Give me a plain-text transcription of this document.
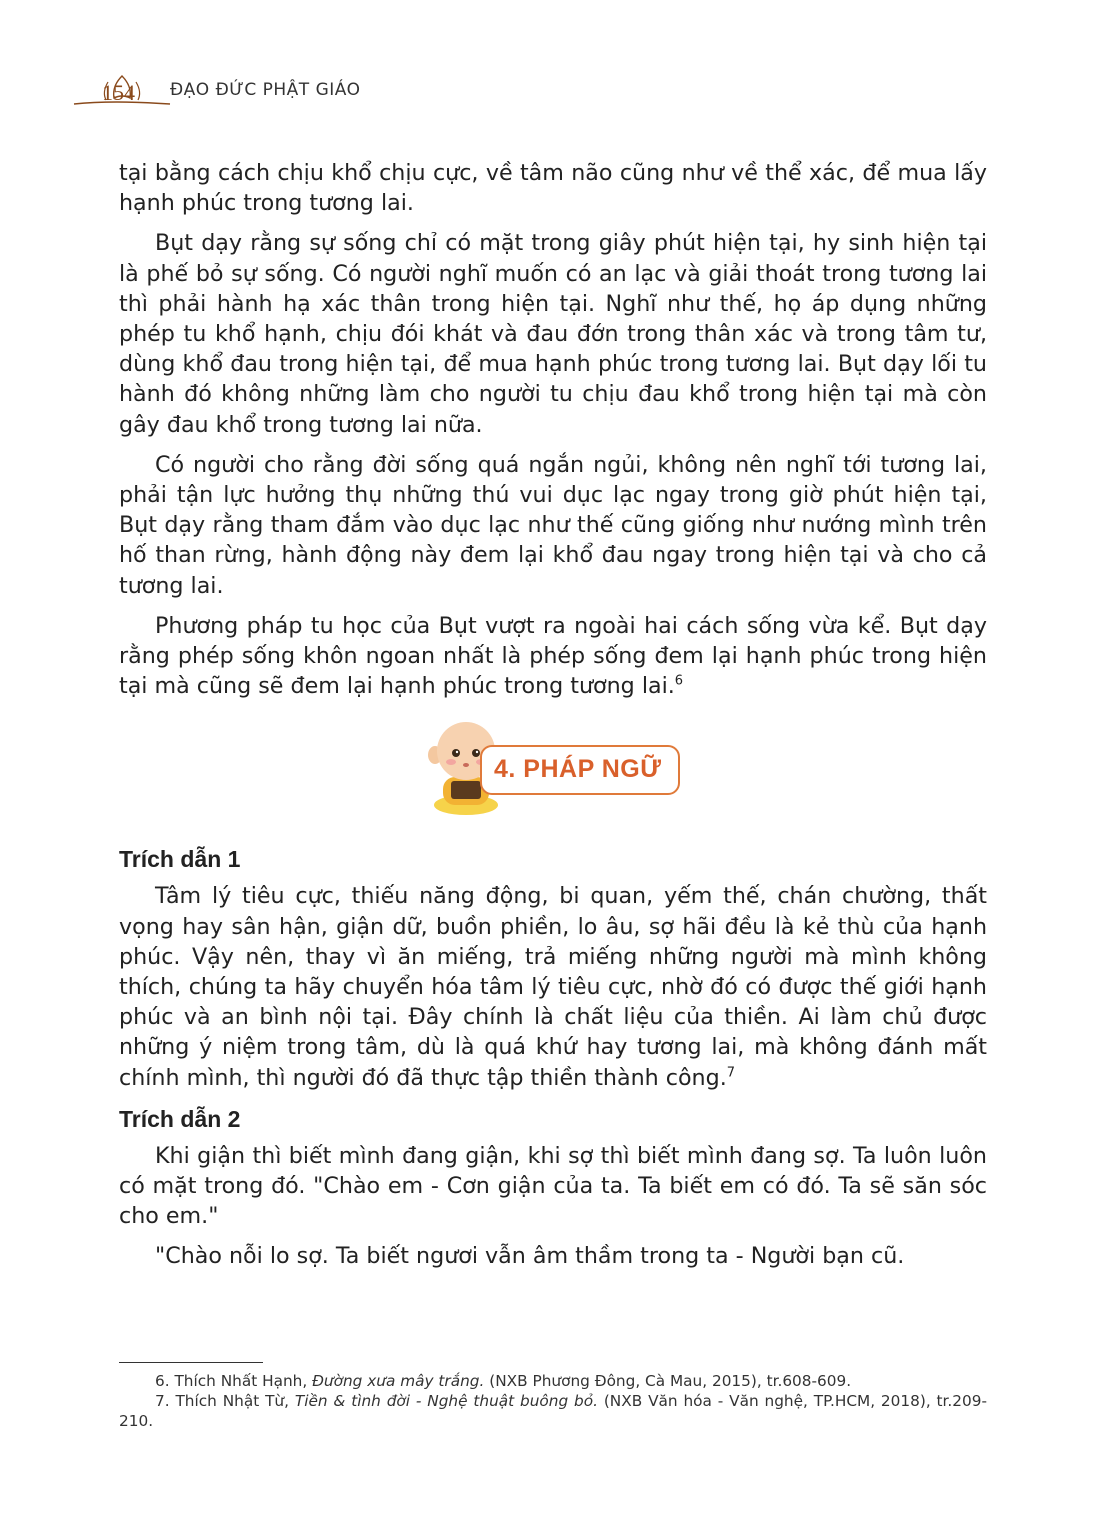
154 ĐẠO ĐỨC PHẬT GIÁO

tại bằng cách chịu khổ chịu cực, về tâm não cũng như về thể xác, để mua lấy hạnh phúc trong tương lai.

Bụt dạy rằng sự sống chỉ có mặt trong giây phút hiện tại, hy sinh hiện tại là phế bỏ sự sống. Có người nghĩ muốn có an lạc và giải thoát trong tương lai thì phải hành hạ xác thân trong hiện tại. Nghĩ như thế, họ áp dụng những phép tu khổ hạnh, chịu đói khát và đau đớn trong thân xác và trong tâm tư, dùng khổ đau trong hiện tại, để mua hạnh phúc trong tương lai. Bụt dạy lối tu hành đó không những làm cho người tu chịu đau khổ trong hiện tại mà còn gây đau khổ trong tương lai nữa.

Có người cho rằng đời sống quá ngắn ngủi, không nên nghĩ tới tương lai, phải tận lực hưởng thụ những thú vui dục lạc ngay trong giờ phút hiện tại, Bụt dạy rằng tham đắm vào dục lạc như thế cũng giống như nướng mình trên hố than rừng, hành động này đem lại khổ đau ngay trong hiện tại và cho cả tương lai.

Phương pháp tu học của Bụt vượt ra ngoài hai cách sống vừa kể. Bụt dạy rằng phép sống khôn ngoan nhất là phép sống đem lại hạnh phúc trong hiện tại mà cũng sẽ đem lại hạnh phúc trong tương lai.$^6$

4. PHÁP NGỮ
Trích dẫn 1

Tâm lý tiêu cực, thiếu năng động, bi quan, yếm thế, chán chường, thất vọng hay sân hận, giận dữ, buồn phiền, lo âu, sợ hãi đều là kẻ thù của hạnh phúc. Vậy nên, thay vì ăn miếng, trả miếng những người mà mình không thích, chúng ta hãy chuyển hóa tâm lý tiêu cực, nhờ đó có được thế giới hạnh phúc và an bình nội tại. Đây chính là chất liệu của thiền. Ai làm chủ được những ý niệm trong tâm, dù là quá khứ hay tương lai, mà không đánh mất chính mình, thì người đó đã thực tập thiền thành công.$^7$

Trích dẫn 2

Khi giận thì biết mình đang giận, khi sợ thì biết mình đang sợ. Ta luôn luôn có mặt trong đó. "Chào em - Cơn giận của ta. Ta biết em có đó. Ta sẽ săn sóc cho em."

"Chào nỗi lo sợ. Ta biết ngươi vẫn âm thầm trong ta - Người bạn cũ.

6. Thích Nhất Hạnh, Đường xưa mây trắng. (NXB Phương Đông, Cà Mau, 2015), tr.608-609.

7. Thích Nhật Từ, Tiền & tình đời - Nghệ thuật buông bỏ. (NXB Văn hóa - Văn nghệ, TP.HCM, 2018), tr.209-210.
